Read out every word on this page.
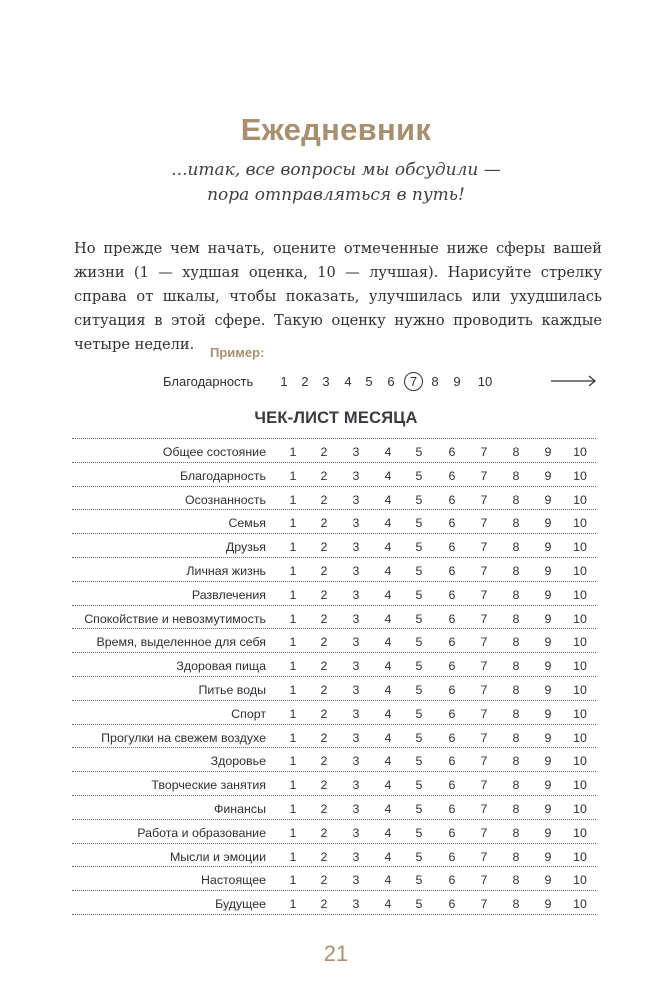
Ежедневник
...итак, все вопросы мы обсудили —
пора отправляться в путь!
Но прежде чем начать, оцените отмеченные ниже сферы вашей жизни (1 — худшая оценка, 10 — лучшая). Нарисуйте стрелку справа от шкалы, чтобы показать, улучшилась или ухудшилась ситуация в этой сфере. Такую оценку нужно проводить каждые четыре недели.	Пример:
Благодарность	1	2	3	4	5	6	7	8	9	10
ЧЕК-ЛИСТ МЕСЯЦА
Общее состояние	1	2	3	4	5	6	7	8	9	10
Благодарность	1	2	3	4	5	6	7	8	9	10
Осознанность	1	2	3	4	5	6	7	8	9	10
Семья	1	2	3	4	5	6	7	8	9	10
Друзья	1	2	3	4	5	6	7	8	9	10
Личная жизнь	1	2	3	4	5	6	7	8	9	10
Развлечения	1	2	3	4	5	6	7	8	9	10
Спокойствие и невозмутимость	1	2	3	4	5	6	7	8	9	10
Время, выделенное для себя	1	2	3	4	5	6	7	8	9	10
Здоровая пища	1	2	3	4	5	6	7	8	9	10
Питье воды	1	2	3	4	5	6	7	8	9	10
Спорт	1	2	3	4	5	6	7	8	9	10
Прогулки на свежем воздухе	1	2	3	4	5	6	7	8	9	10
Здоровье	1	2	3	4	5	6	7	8	9	10
Творческие занятия	1	2	3	4	5	6	7	8	9	10
Финансы	1	2	3	4	5	6	7	8	9	10
Работа и образование	1	2	3	4	5	6	7	8	9	10
Мысли и эмоции	1	2	3	4	5	6	7	8	9	10
Настоящее	1	2	3	4	5	6	7	8	9	10
Будущее	1	2	3	4	5	6	7	8	9	10
21
